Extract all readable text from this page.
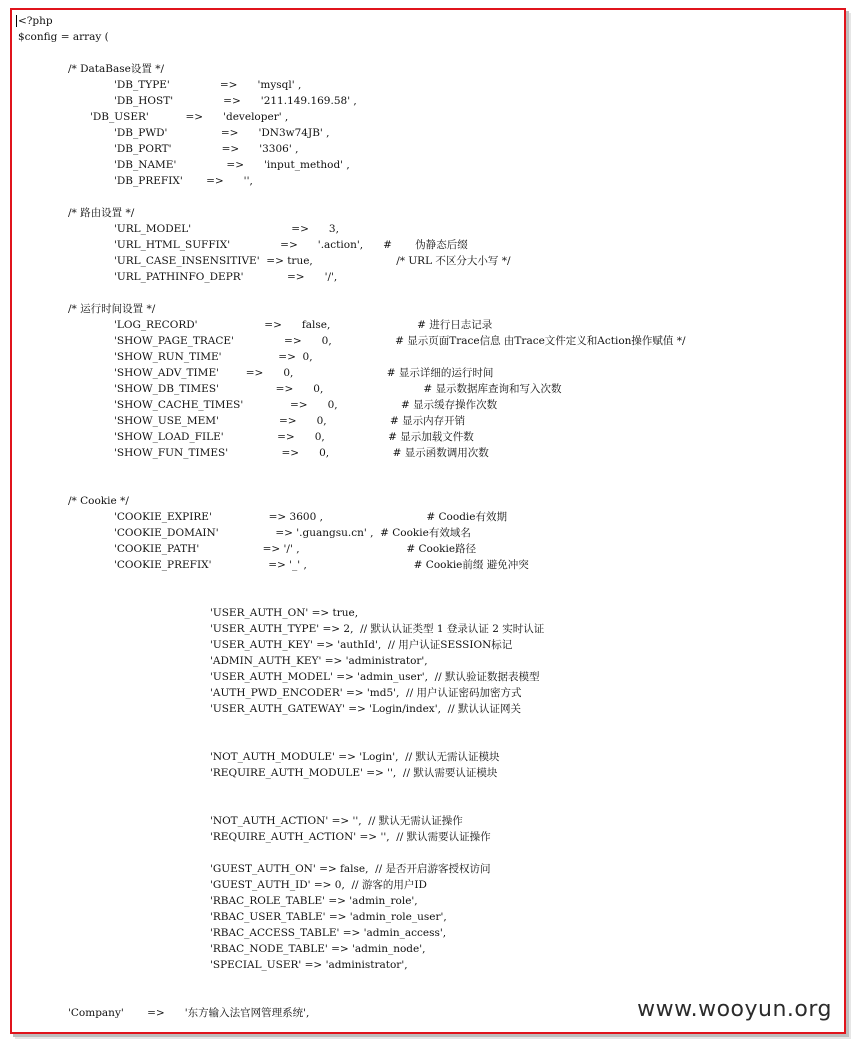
<?php
$config = array (
/* DataBase设置 */
'DB_TYPE'               =>      'mysql' ,
'DB_HOST'               =>      '211.149.169.58' ,
'DB_USER'           =>      'developer' ,
'DB_PWD'                =>      'DN3w74JB' ,
'DB_PORT'               =>      '3306' ,
'DB_NAME'               =>      'input_method' ,
'DB_PREFIX'       =>      '',
/* 路由设置 */
'URL_MODEL'                              =>      3,
'URL_HTML_SUFFIX'               =>      '.action',      #       伪静态后缀
'URL_CASE_INSENSITIVE'  => true,                         /* URL 不区分大小写 */
'URL_PATHINFO_DEPR'             =>      '/',
/* 运行时间设置 */
'LOG_RECORD'                    =>      false,                          # 进行日志记录
'SHOW_PAGE_TRACE'               =>      0,                   # 显示页面Trace信息 由Trace文件定义和Action操作赋值 */
'SHOW_RUN_TIME'                 =>  0,
'SHOW_ADV_TIME'        =>      0,                            # 显示详细的运行时间
'SHOW_DB_TIMES'                 =>      0,                              # 显示数据库查询和写入次数
'SHOW_CACHE_TIMES'              =>      0,                   # 显示缓存操作次数
'SHOW_USE_MEM'                  =>      0,                   # 显示内存开销
'SHOW_LOAD_FILE'                =>      0,                   # 显示加载文件数
'SHOW_FUN_TIMES'                =>      0,                   # 显示函数调用次数
/* Cookie */
'COOKIE_EXPIRE'                 => 3600 ,                               # Coodie有效期
'COOKIE_DOMAIN'                 => '.guangsu.cn' ,  # Cookie有效域名
'COOKIE_PATH'                   => '/' ,                                # Cookie路径
'COOKIE_PREFIX'                 => '_' ,                                # Cookie前缀 避免冲突
'USER_AUTH_ON' => true,
'USER_AUTH_TYPE' => 2,  // 默认认证类型 1 登录认证 2 实时认证
'USER_AUTH_KEY' => 'authId',  // 用户认证SESSION标记
'ADMIN_AUTH_KEY' => 'administrator',
'USER_AUTH_MODEL' => 'admin_user',  // 默认验证数据表模型
'AUTH_PWD_ENCODER' => 'md5',  // 用户认证密码加密方式
'USER_AUTH_GATEWAY' => 'Login/index',  // 默认认证网关
'NOT_AUTH_MODULE' => 'Login',  // 默认无需认证模块
'REQUIRE_AUTH_MODULE' => '',  // 默认需要认证模块
'NOT_AUTH_ACTION' => '',  // 默认无需认证操作
'REQUIRE_AUTH_ACTION' => '',  // 默认需要认证操作
'GUEST_AUTH_ON' => false,  // 是否开启游客授权访问
'GUEST_AUTH_ID' => 0,  // 游客的用户ID
'RBAC_ROLE_TABLE' => 'admin_role',
'RBAC_USER_TABLE' => 'admin_role_user',
'RBAC_ACCESS_TABLE' => 'admin_access',
'RBAC_NODE_TABLE' => 'admin_node',
'SPECIAL_USER' => 'administrator',
'Company'       =>      '东方输入法官网管理系统',	www.wooyun.org
